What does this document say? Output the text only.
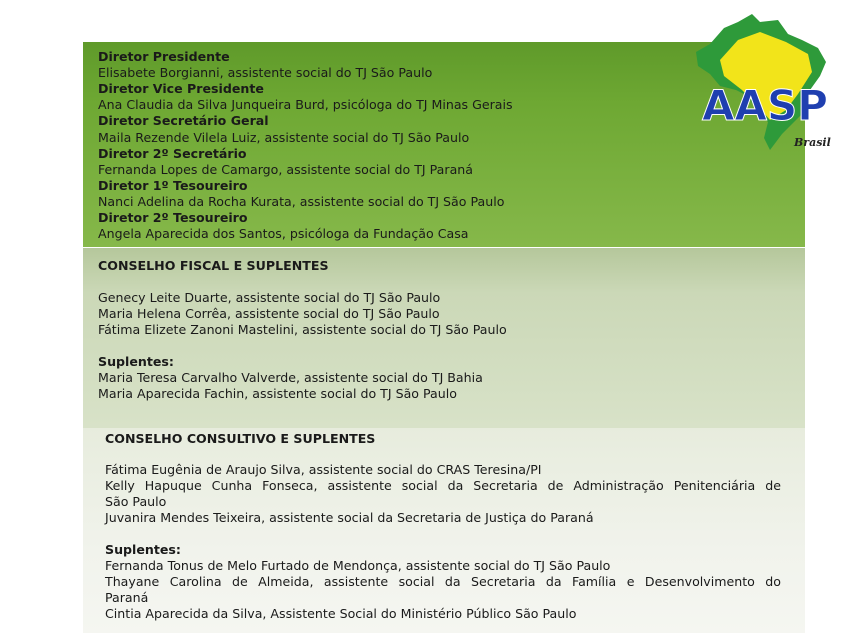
Diretor Presidente
Elisabete Borgianni, assistente social do TJ São Paulo
Diretor Vice Presidente
Ana Claudia da Silva Junqueira Burd, psicóloga do TJ Minas Gerais
Diretor Secretário Geral
Maila Rezende Vilela Luiz, assistente social do TJ São Paulo
Diretor 2º Secretário
Fernanda Lopes de Camargo, assistente social do TJ Paraná
Diretor 1º Tesoureiro
Nanci Adelina da Rocha Kurata, assistente social do TJ São Paulo
Diretor 2º Tesoureiro
Angela Aparecida dos Santos, psicóloga da Fundação Casa
AASP
Brasil
CONSELHO FISCAL E SUPLENTES
Genecy Leite Duarte, assistente social do TJ São Paulo
Maria Helena Corrêa, assistente social do TJ São Paulo
Fátima Elizete Zanoni Mastelini, assistente social do TJ São Paulo
Suplentes:
Maria Teresa Carvalho Valverde, assistente social do TJ Bahia
Maria Aparecida Fachin, assistente social do TJ São Paulo
CONSELHO CONSULTIVO E SUPLENTES
Fátima Eugênia de Araujo Silva, assistente social do CRAS Teresina/PI
Kelly Hapuque Cunha Fonseca, assistente social da Secretaria de Administração Penitenciária de
São Paulo
Juvanira Mendes Teixeira, assistente social da Secretaria de Justiça do Paraná
Suplentes:
Fernanda Tonus de Melo Furtado de Mendonça, assistente social do TJ São Paulo
Thayane Carolina de Almeida, assistente social da Secretaria da Família e Desenvolvimento do
Paraná
Cintia Aparecida da Silva, Assistente Social do Ministério Público São Paulo
